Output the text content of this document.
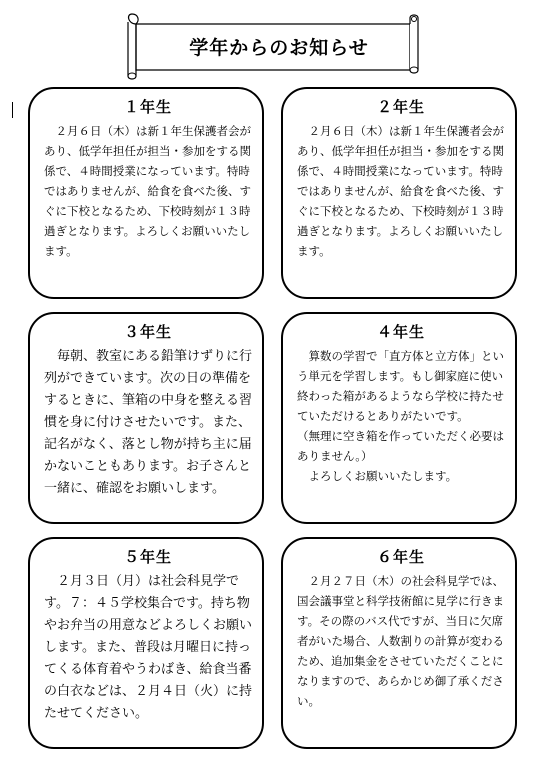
学年からのお知らせ
１年生
　２月６日（木）は新１年生保護者会があり、低学年担任が担当・参加をする関係で、４時間授業になっています。特時ではありませんが、給食を食べた後、すぐに下校となるため、下校時刻が１３時過ぎとなります。よろしくお願いいたします。
２年生
　２月６日（木）は新１年生保護者会があり、低学年担任が担当・参加をする関係で、４時間授業になっています。特時ではありませんが、給食を食べた後、すぐに下校となるため、下校時刻が１３時過ぎとなります。よろしくお願いいたします。
３年生
　毎朝、教室にある鉛筆けずりに行列ができています。次の日の準備をするときに、筆箱の中身を整える習慣を身に付けさせたいです。また、記名がなく、落とし物が持ち主に届かないこともあります。お子さんと一緒に、確認をお願いします。
４年生
　算数の学習で「直方体と立方体」という単元を学習します。もし御家庭に使い終わった箱があるようなら学校に持たせていただけるとありがたいです。
（無理に空き箱を作っていただく必要はありません。）
　よろしくお願いいたします。
５年生
　２月３日（月）は社会科見学です。７：４５学校集合です。持ち物やお弁当の用意などよろしくお願いします。また、普段は月曜日に持ってくる体育着やうわばき、給食当番の白衣などは、２月４日（火）に持たせてください。
６年生
　２月２７日（木）の社会科見学では、国会議事堂と科学技術館に見学に行きます。その際のバス代ですが、当日に欠席者がいた場合、人数割りの計算が変わるため、追加集金をさせていただくことになりますので、あらかじめ御了承ください。
